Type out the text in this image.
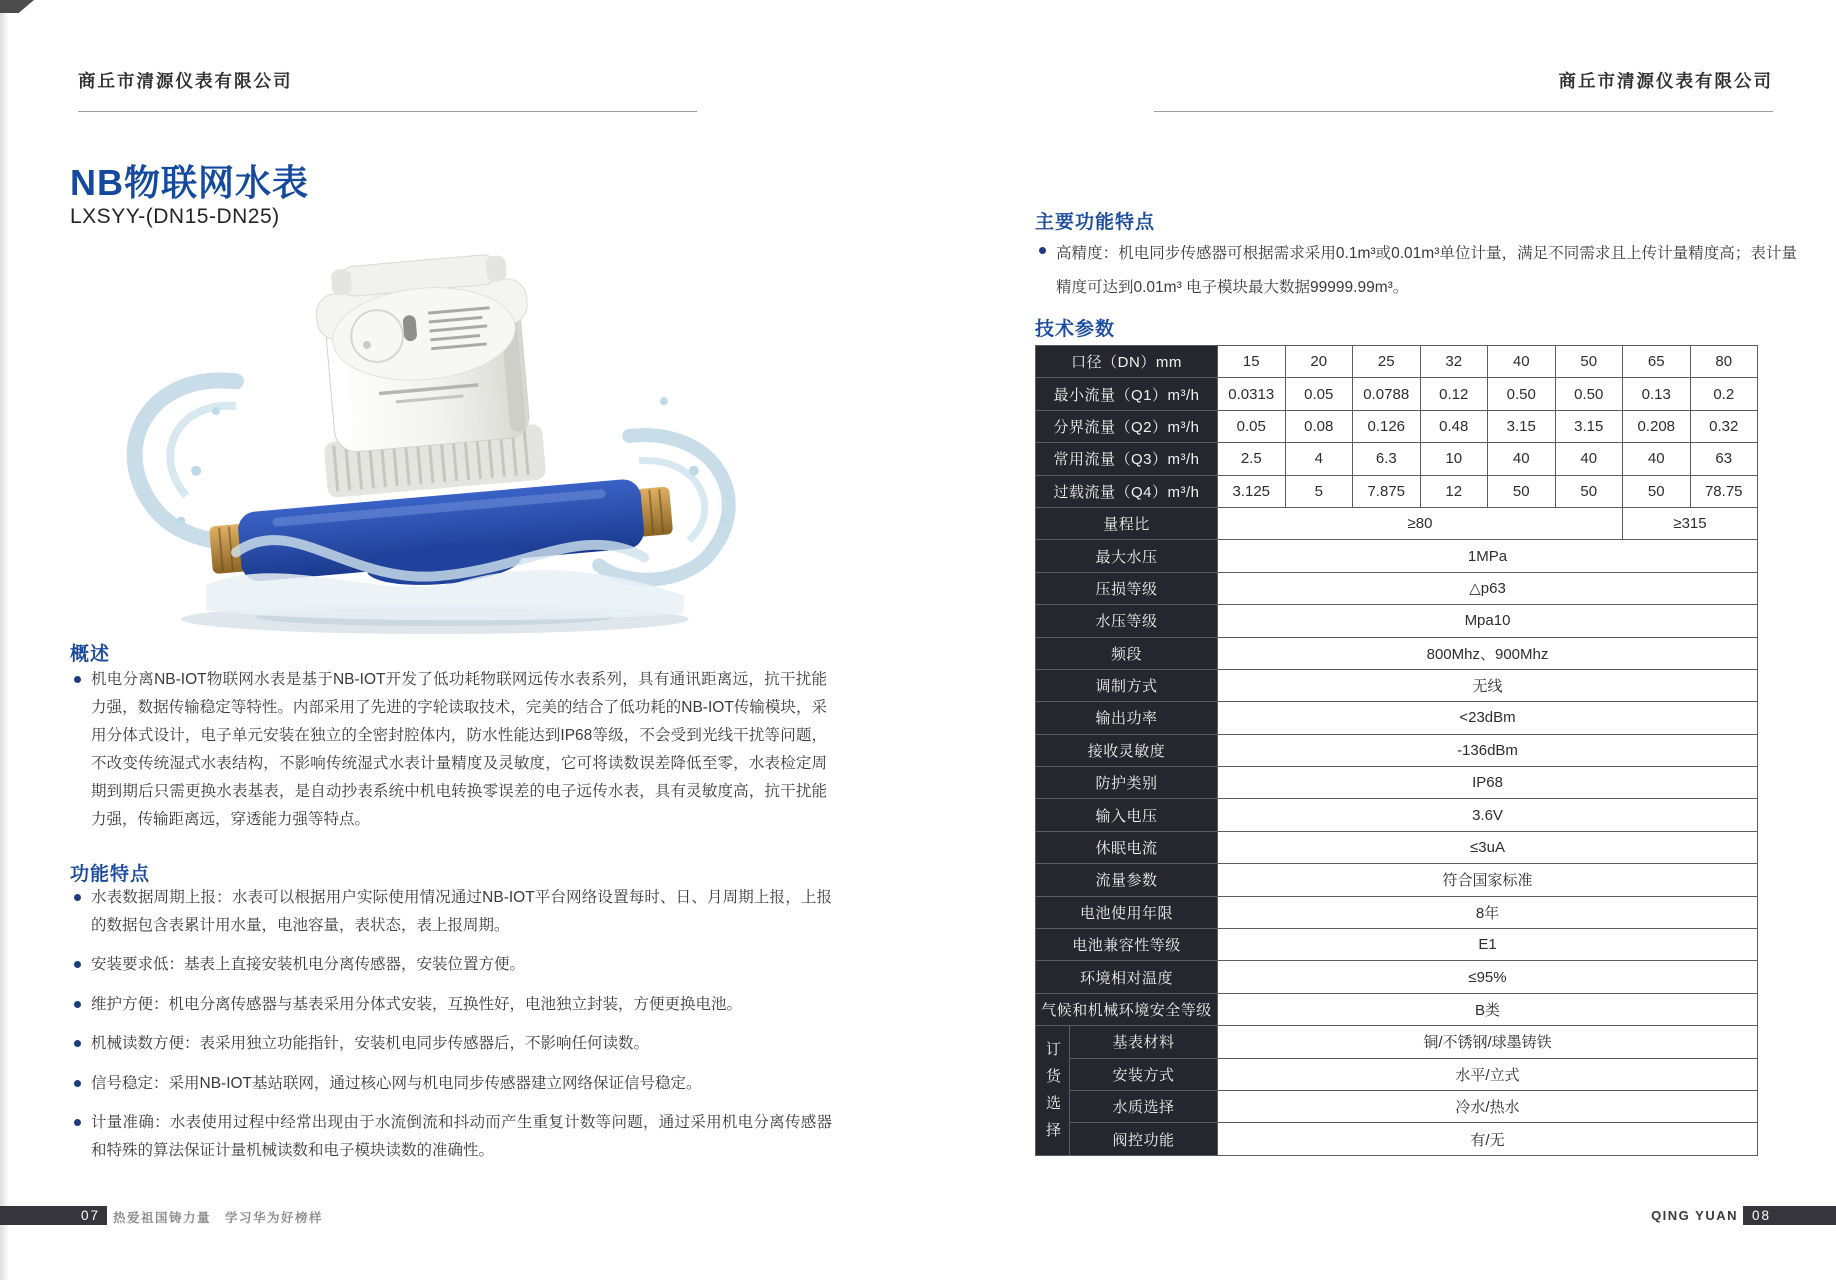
商丘市清源仪表有限公司
NB物联网水表
LXSYY-(DN15-DN25)
概述
机电分离NB-IOT物联网水表是基于NB-IOT开发了低功耗物联网远传水表系列，具有通讯距离远，抗干扰能力强，数据传输稳定等特性。内部采用了先进的字轮读取技术，完美的结合了低功耗的NB-IOT传输模块，采用分体式设计，电子单元安装在独立的全密封腔体内，防水性能达到IP68等级，不会受到光线干扰等问题，不改变传统湿式水表结构，不影响传统湿式水表计量精度及灵敏度，它可将读数误差降低至零，水表检定周期到期后只需更换水表基表，是自动抄表系统中机电转换零误差的电子远传水表，具有灵敏度高，抗干扰能力强，传输距离远，穿透能力强等特点。
功能特点
水表数据周期上报：水表可以根据用户实际使用情况通过NB-IOT平台网络设置每时、日、月周期上报，上报的数据包含表累计用水量，电池容量，表状态，表上报周期。
安装要求低：基表上直接安装机电分离传感器，安装位置方便。
维护方便：机电分离传感器与基表采用分体式安装，互换性好，电池独立封装，方便更换电池。
机械读数方便：表采用独立功能指针，安装机电同步传感器后，不影响任何读数。
信号稳定：采用NB-IOT基站联网，通过核心网与机电同步传感器建立网络保证信号稳定。
计量准确：水表使用过程中经常出现由于水流倒流和抖动而产生重复计数等问题，通过采用机电分离传感器和特殊的算法保证计量机械读数和电子模块读数的准确性。
商丘市清源仪表有限公司
主要功能特点
高精度：机电同步传感器可根据需求采用0.1m³或0.01m³单位计量，满足不同需求且上传计量精度高；表计量精度可达到0.01m³ 电子模块最大数据99999.99m³。
技术参数
口径（DN）mm		15	20	25	32	40	50	65	80
最小流量（Q1）m³/h		0.0313	0.05	0.0788	0.12	0.50	0.50	0.13	0.2
分界流量（Q2）m³/h		0.05	0.08	0.126	0.48	3.15	3.15	0.208	0.32
常用流量（Q3）m³/h		2.5	4	6.3	10	40	40	40	63
过载流量（Q4）m³/h		3.125	5	7.875	12	50	50	50	78.75
量程比		≥80						≥315	
最大水压		1MPa							
压损等级		△p63							
水压等级		Mpa10							
频段		800Mhz、900Mhz							
调制方式		无线							
输出功率		<23dBm							
接收灵敏度		-136dBm							
防护类别		IP68							
输入电压		3.6V							
休眠电流		≤3uA							
流量参数		符合国家标准							
电池使用年限		8年							
电池兼容性等级		E1							
环境相对温度		≤95%							
气候和机械环境安全等级		B类							
订货选择	基表材料	铜/不锈钢/球墨铸铁							
	安装方式	水平/立式							
	水质选择	冷水/热水							
	阀控功能	有/无							
07	热爱祖国铸力量　学习华为好榜样	QING YUAN	08
